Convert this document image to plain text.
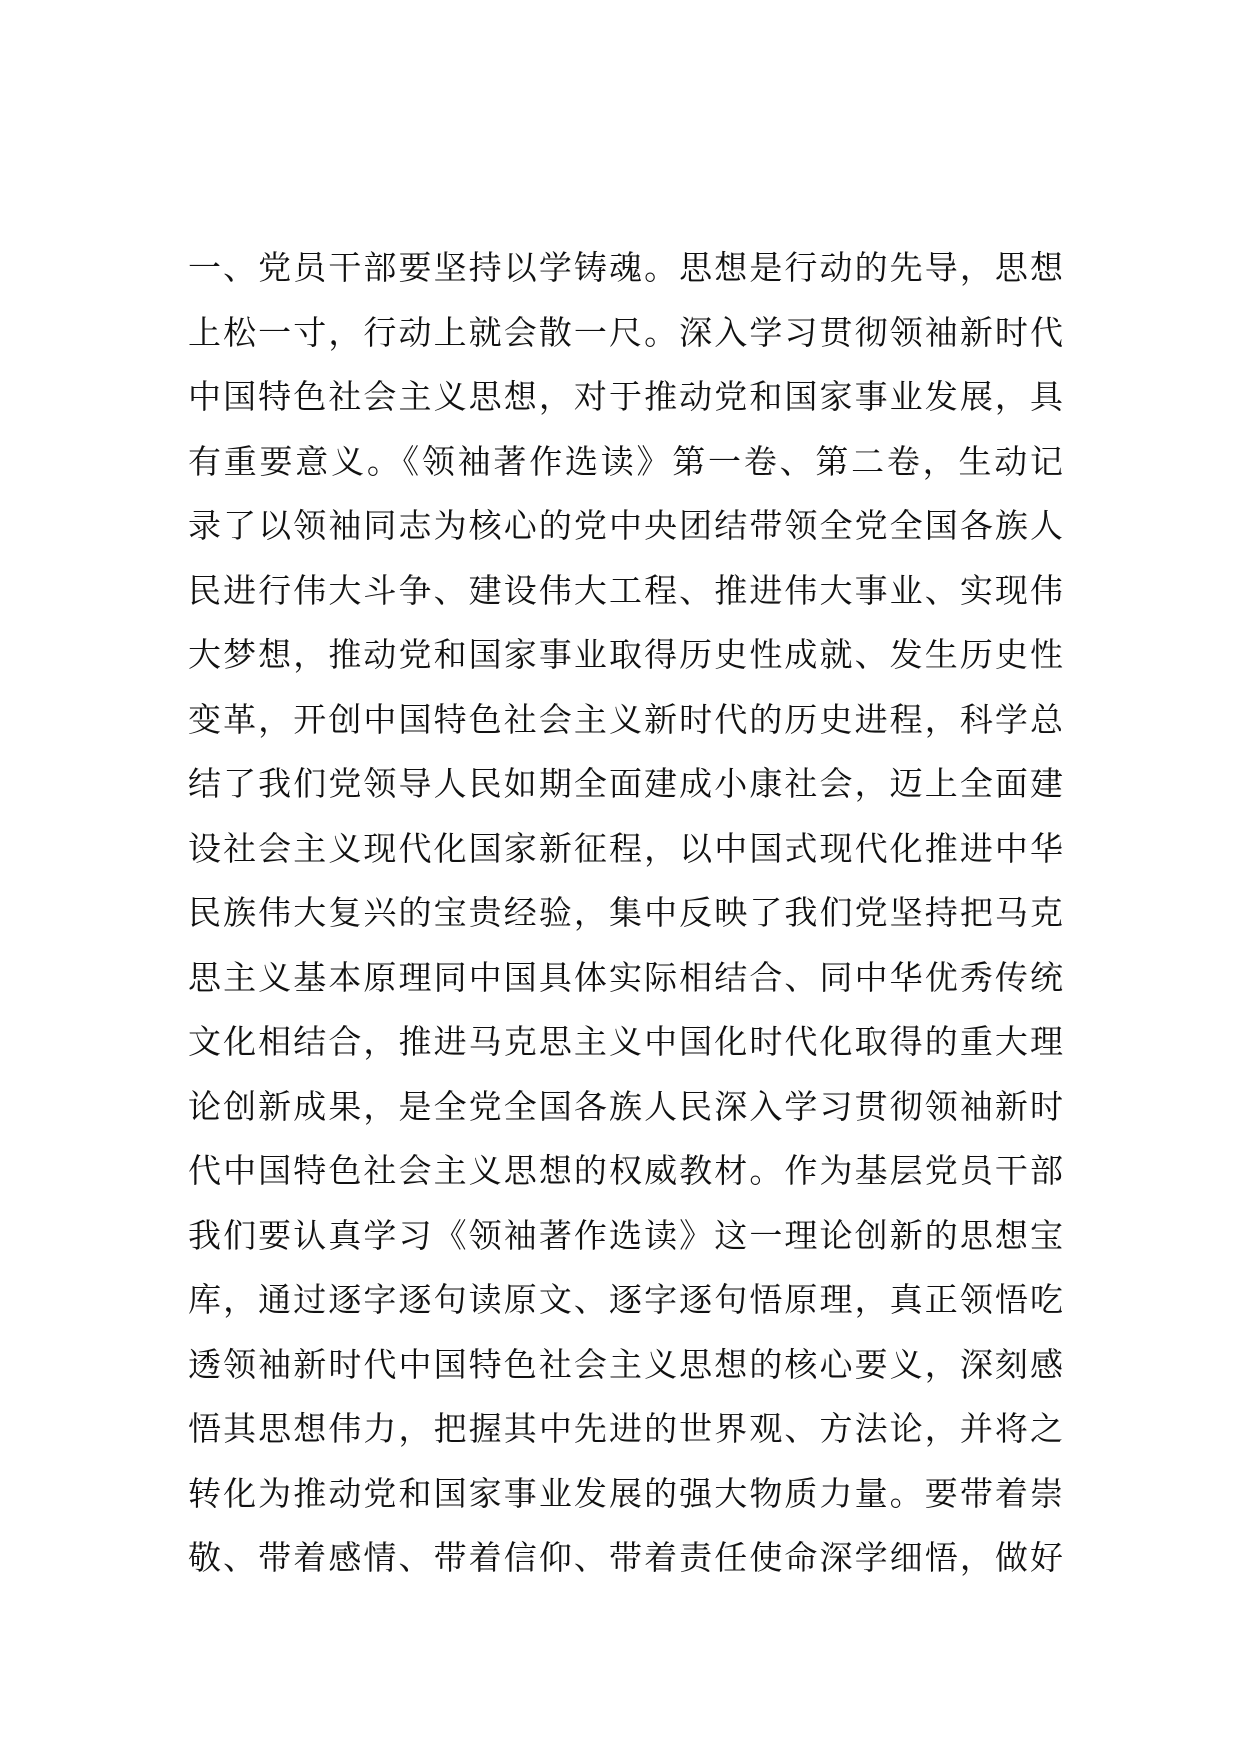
一、党员干部要坚持以学铸魂。思想是行动的先导，思想
上松一寸，行动上就会散一尺。深入学习贯彻领袖新时代
中国特色社会主义思想，对于推动党和国家事业发展，具
有重要意义。《领袖著作选读》第一卷、第二卷，生动记
录了以领袖同志为核心的党中央团结带领全党全国各族人
民进行伟大斗争、建设伟大工程、推进伟大事业、实现伟
大梦想，推动党和国家事业取得历史性成就、发生历史性
变革，开创中国特色社会主义新时代的历史进程，科学总
结了我们党领导人民如期全面建成小康社会，迈上全面建
设社会主义现代化国家新征程，以中国式现代化推进中华
民族伟大复兴的宝贵经验，集中反映了我们党坚持把马克
思主义基本原理同中国具体实际相结合、同中华优秀传统
文化相结合，推进马克思主义中国化时代化取得的重大理
论创新成果，是全党全国各族人民深入学习贯彻领袖新时
代中国特色社会主义思想的权威教材。作为基层党员干部
我们要认真学习《领袖著作选读》这一理论创新的思想宝
库，通过逐字逐句读原文、逐字逐句悟原理，真正领悟吃
透领袖新时代中国特色社会主义思想的核心要义，深刻感
悟其思想伟力，把握其中先进的世界观、方法论，并将之
转化为推动党和国家事业发展的强大物质力量。要带着崇
敬、带着感情、带着信仰、带着责任使命深学细悟，做好
